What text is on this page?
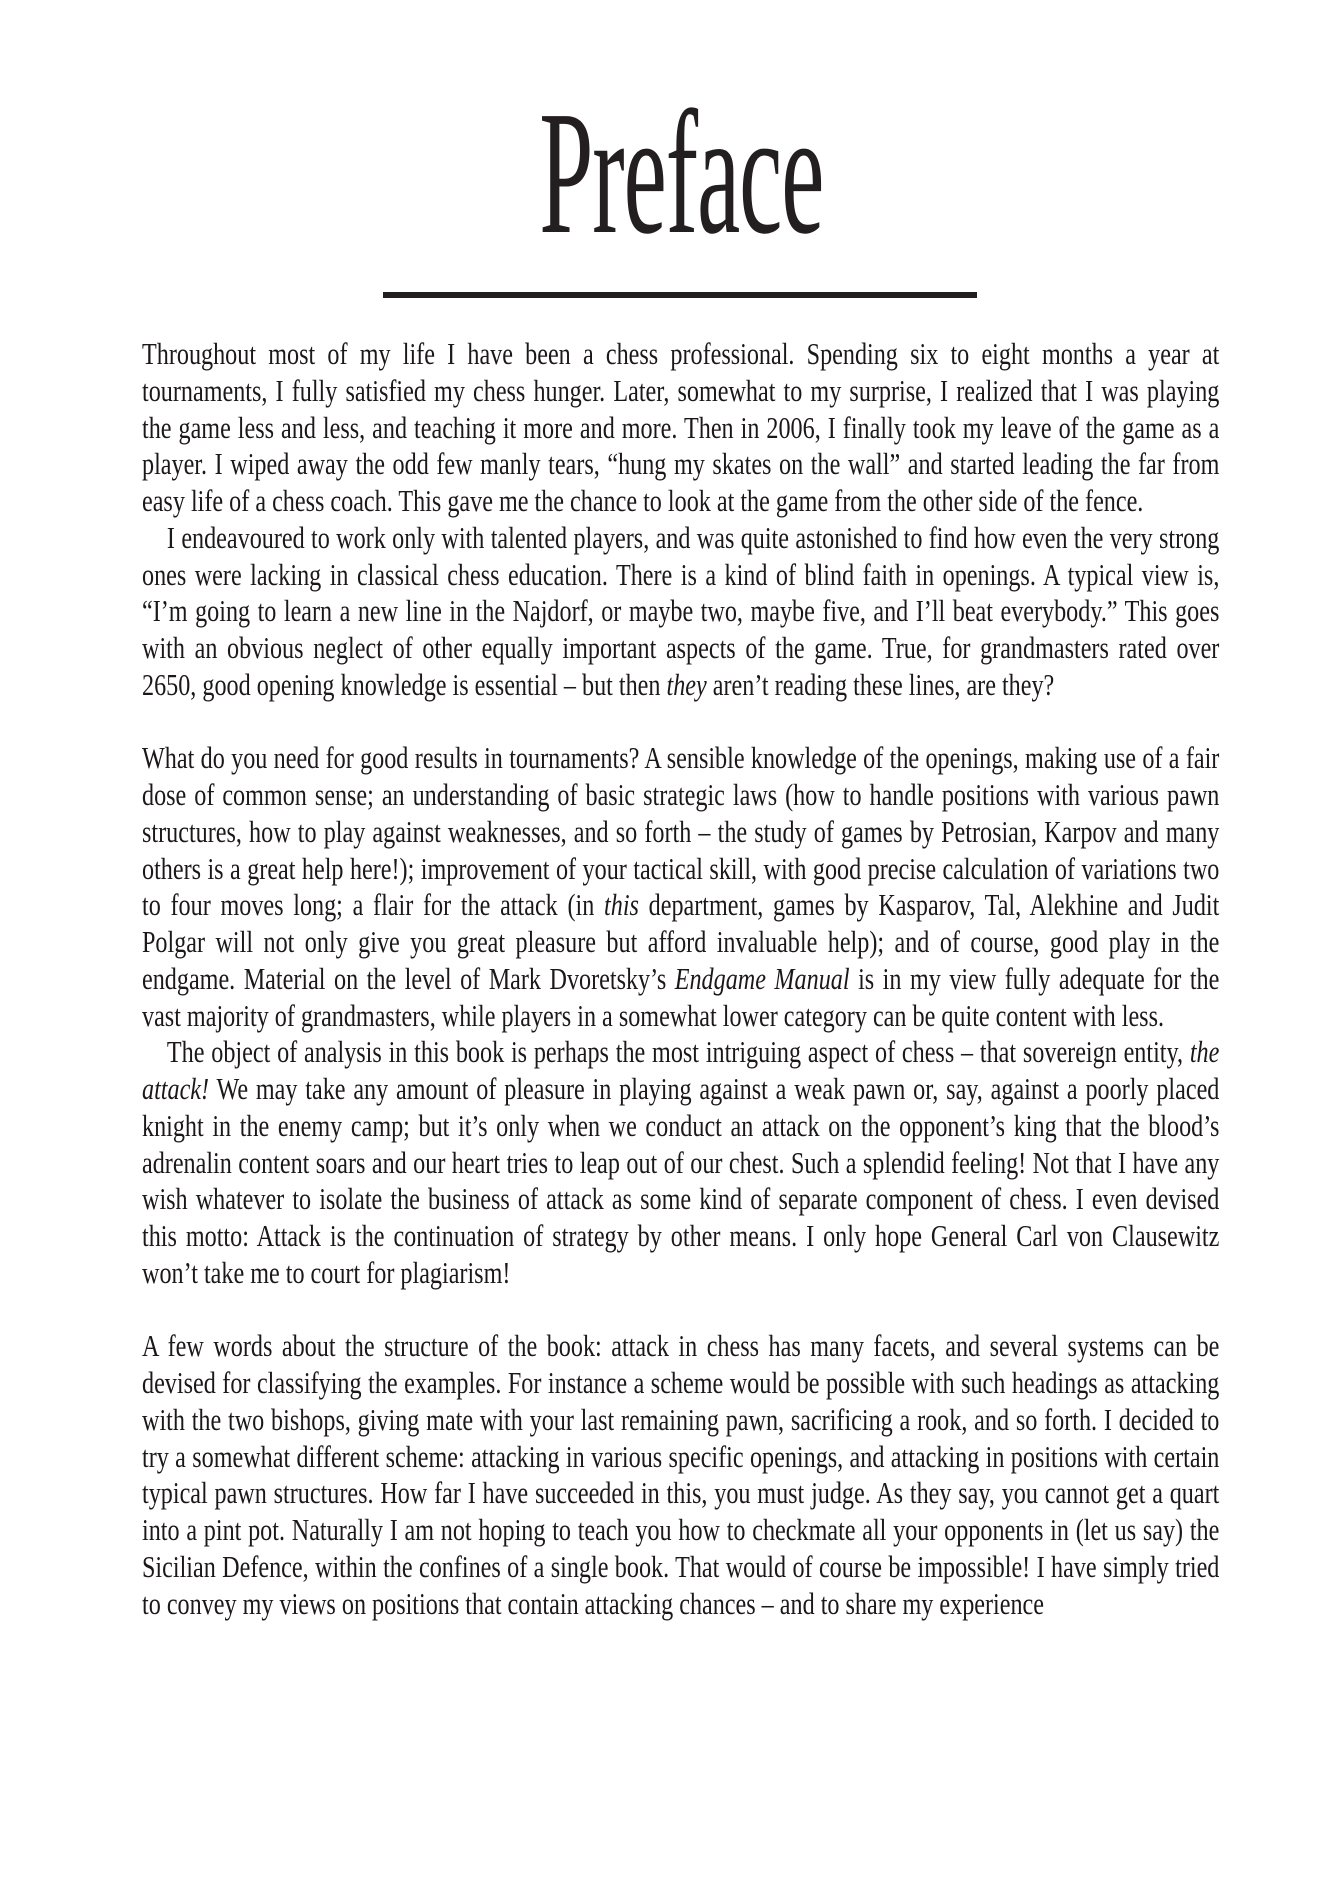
Preface

Throughout most of my life I have been a chess professional. Spending six to eight months a year at tournaments, I fully satisfied my chess hunger. Later, somewhat to my surprise, I realized that I was playing the game less and less, and teaching it more and more. Then in 2006, I finally took my leave of the game as a player. I wiped away the odd few manly tears, “hung my skates on the wall” and started leading the far from easy life of a chess coach. This gave me the chance to look at the game from the other side of the fence.

I endeavoured to work only with talented players, and was quite astonished to find how even the very strong ones were lacking in classical chess education. There is a kind of blind faith in openings. A typical view is, “I’m going to learn a new line in the Najdorf, or maybe two, maybe five, and I’ll beat everybody.” This goes with an obvious neglect of other equally important aspects of the game. True, for grandmasters rated over 2650, good opening knowledge is essential – but then they aren’t reading these lines, are they?

What do you need for good results in tournaments? A sensible knowledge of the openings, making use of a fair dose of common sense; an understanding of basic strategic laws (how to handle positions with various pawn structures, how to play against weaknesses, and so forth – the study of games by Petrosian, Karpov and many others is a great help here!); improvement of your tactical skill, with good precise calculation of variations two to four moves long; a flair for the attack (in this department, games by Kasparov, Tal, Alekhine and Judit Polgar will not only give you great pleasure but afford invaluable help); and of course, good play in the endgame. Material on the level of Mark Dvoretsky’s Endgame Manual is in my view fully adequate for the vast majority of grandmasters, while players in a somewhat lower category can be quite content with less.

The object of analysis in this book is perhaps the most intriguing aspect of chess – that sovereign entity, the attack! We may take any amount of pleasure in playing against a weak pawn or, say, against a poorly placed knight in the enemy camp; but it’s only when we conduct an attack on the opponent’s king that the blood’s adrenalin content soars and our heart tries to leap out of our chest. Such a splendid feeling! Not that I have any wish whatever to isolate the business of attack as some kind of separate component of chess. I even devised this motto: Attack is the continuation of strategy by other means. I only hope General Carl von Clausewitz won’t take me to court for plagiarism!

A few words about the structure of the book: attack in chess has many facets, and several systems can be devised for classifying the examples. For instance a scheme would be possible with such headings as attacking with the two bishops, giving mate with your last remaining pawn, sacrificing a rook, and so forth. I decided to try a somewhat different scheme: attacking in various specific openings, and attacking in positions with certain typical pawn structures. How far I have succeeded in this, you must judge. As they say, you cannot get a quart into a pint pot. Naturally I am not hoping to teach you how to checkmate all your opponents in (let us say) the Sicilian Defence, within the confines of a single book. That would of course be impossible! I have simply tried to convey my views on positions that contain attacking chances – and to share my experience
